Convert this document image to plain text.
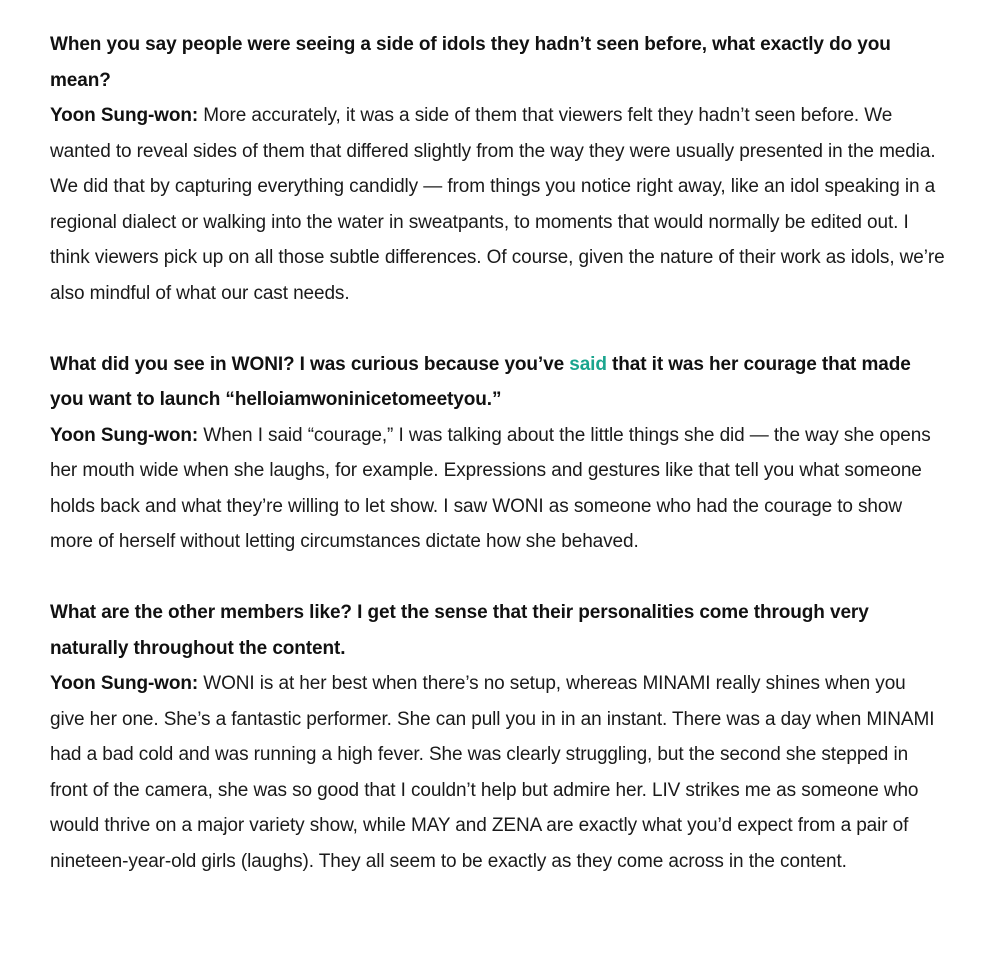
When you say people were seeing a side of idols they hadn’t seen before, what exactly do you mean?

Yoon Sung-won: More accurately, it was a side of them that viewers felt they hadn’t seen before. We wanted to reveal sides of them that differed slightly from the way they were usually presented in the media. We did that by capturing everything candidly — from things you notice right away, like an idol speaking in a regional dialect or walking into the water in sweatpants, to moments that would normally be edited out. I think viewers pick up on all those subtle differences. Of course, given the nature of their work as idols, we’re also mindful of what our cast needs.

What did you see in WONI? I was curious because you’ve said that it was her courage that made you want to launch “helloiamwoninicetomeetyou.”

Yoon Sung-won: When I said “courage,” I was talking about the little things she did — the way she opens her mouth wide when she laughs, for example. Expressions and gestures like that tell you what someone holds back and what they’re willing to let show. I saw WONI as someone who had the courage to show more of herself without letting circumstances dictate how she behaved.

What are the other members like? I get the sense that their personalities come through very naturally throughout the content.

Yoon Sung-won: WONI is at her best when there’s no setup, whereas MINAMI really shines when you give her one. She’s a fantastic performer. She can pull you in in an instant. There was a day when MINAMI had a bad cold and was running a high fever. She was clearly struggling, but the second she stepped in front of the camera, she was so good that I couldn’t help but admire her. LIV strikes me as someone who would thrive on a major variety show, while MAY and ZENA are exactly what you’d expect from a pair of nineteen-year-old girls (laughs). They all seem to be exactly as they come across in the content.
